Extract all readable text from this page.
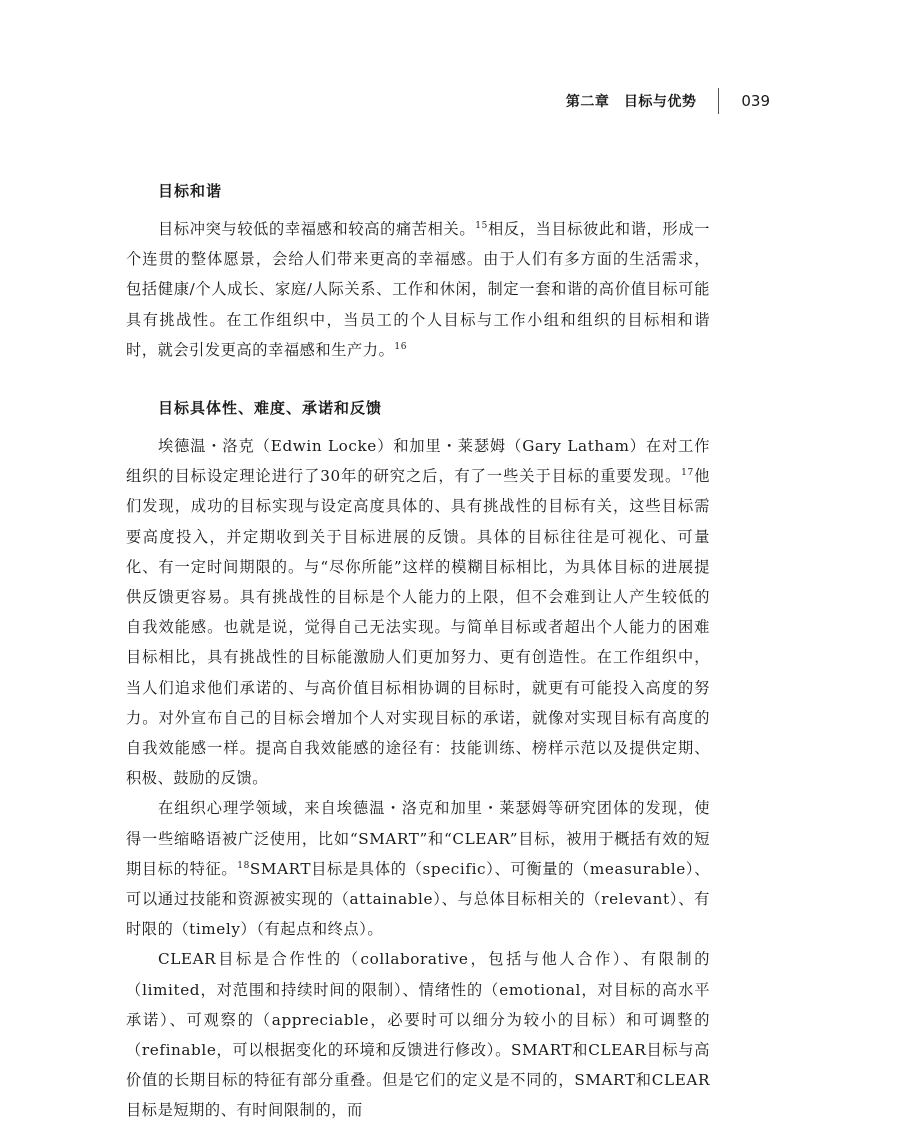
第二章　目标与优势	039
目标和谐

目标冲突与较低的幸福感和较高的痛苦相关。$^{15}$相反，当目标彼此和谐，形成一个连贯的整体愿景，会给人们带来更高的幸福感。由于人们有多方面的生活需求，包括健康/个人成长、家庭/人际关系、工作和休闲，制定一套和谐的高价值目标可能具有挑战性。在工作组织中，当员工的个人目标与工作小组和组织的目标相和谐时，就会引发更高的幸福感和生产力。$^{16}$

目标具体性、难度、承诺和反馈

埃德温・洛克（Edwin Locke）和加里・莱瑟姆（Gary Latham）在对工作组织的目标设定理论进行了30年的研究之后，有了一些关于目标的重要发现。$^{17}$他们发现，成功的目标实现与设定高度具体的、具有挑战性的目标有关，这些目标需要高度投入，并定期收到关于目标进展的反馈。具体的目标往往是可视化、可量化、有一定时间期限的。与“尽你所能”这样的模糊目标相比，为具体目标的进展提供反馈更容易。具有挑战性的目标是个人能力的上限，但不会难到让人产生较低的自我效能感。也就是说，觉得自己无法实现。与简单目标或者超出个人能力的困难目标相比，具有挑战性的目标能激励人们更加努力、更有创造性。在工作组织中，当人们追求他们承诺的、与高价值目标相协调的目标时，就更有可能投入高度的努力。对外宣布自己的目标会增加个人对实现目标的承诺，就像对实现目标有高度的自我效能感一样。提高自我效能感的途径有：技能训练、榜样示范以及提供定期、积极、鼓励的反馈。

在组织心理学领域，来自埃德温・洛克和加里・莱瑟姆等研究团体的发现，使得一些缩略语被广泛使用，比如“SMART”和“CLEAR”目标，被用于概括有效的短期目标的特征。$^{18}$SMART目标是具体的（specific）、可衡量的（measurable）、可以通过技能和资源被实现的（attainable）、与总体目标相关的（relevant）、有时限的（timely）（有起点和终点）。

CLEAR目标是合作性的（collaborative，包括与他人合作）、有限制的（limited，对范围和持续时间的限制）、情绪性的（emotional，对目标的高水平承诺）、可观察的（appreciable，必要时可以细分为较小的目标）和可调整的（refinable，可以根据变化的环境和反馈进行修改）。SMART和CLEAR目标与高价值的长期目标的特征有部分重叠。但是它们的定义是不同的，SMART和CLEAR目标是短期的、有时间限制的，而
